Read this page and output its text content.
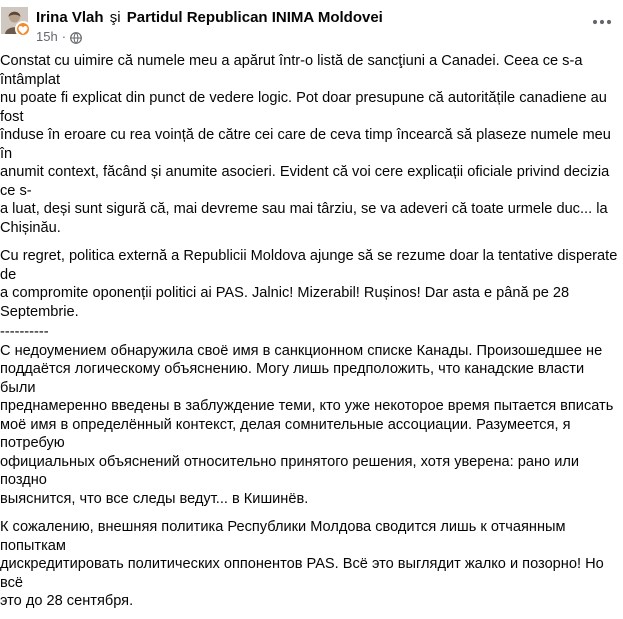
Irina Vlah şi Partidul Republican INIMA Moldovei
15h ·

Constat cu uimire că numele meu a apărut într-o listă de sancţiuni a Canadei. Ceea ce s-a întâmplat
nu poate fi explicat din punct de vedere logic. Pot doar presupune că autoritățile canadiene au fost
înduse în eroare cu rea voință de către cei care de ceva timp încearcă să plaseze numele meu în
anumit context, făcând și anumite asocieri. Evident că voi cere explicații oficiale privind decizia ce s-
a luat, deși sunt sigură că, mai devreme sau mai târziu, se va adeveri că toate urmele duc... la
Chișinău.

Cu regret, politica externă a Republicii Moldova ajunge să se rezume doar la tentative disperate de
a compromite oponenții politici ai PAS. Jalnic! Mizerabil! Rușinos! Dar asta e până pe 28
Septembrie.

----------

С недоумением обнаружила своё имя в санкционном списке Канады. Произошедшее не
поддаётся логическому объяснению. Могу лишь предположить, что канадские власти были
преднамеренно введены в заблуждение теми, кто уже некоторое время пытается вписать
моё имя в определённый контекст, делая сомнительные ассоциации. Разумеется, я потребую
официальных объяснений относительно принятого решения, хотя уверена: рано или поздно
выяснится, что все следы ведут... в Кишинёв.

К сожалению, внешняя политика Республики Молдова сводится лишь к отчаянным попыткам
дискредитировать политических оппонентов PAS. Всё это выглядит жалко и позорно! Но всё
это до 28 сентября.
